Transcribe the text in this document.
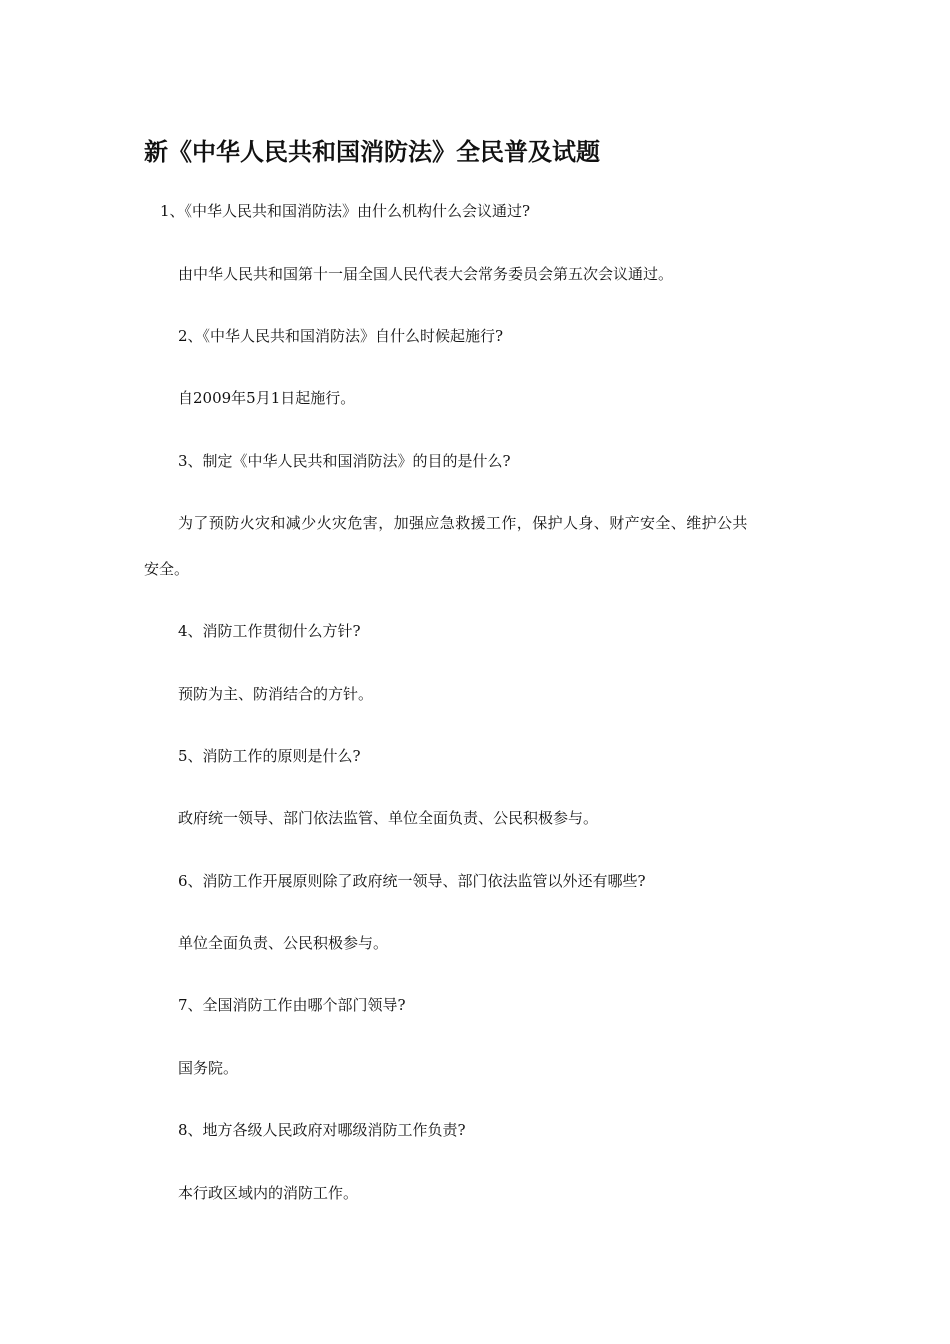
新《中华人民共和国消防法》全民普及试题
1、《中华人民共和国消防法》由什么机构什么会议通过?
由中华人民共和国第十一届全国人民代表大会常务委员会第五次会议通过。
2、《中华人民共和国消防法》自什么时候起施行?
自2009年5月1日起施行。
3、制定《中华人民共和国消防法》的目的是什么?
为了预防火灾和减少火灾危害，加强应急救援工作，保护人身、财产安全、维护公共
安全。
4、消防工作贯彻什么方针?
预防为主、防消结合的方针。
5、消防工作的原则是什么?
政府统一领导、部门依法监管、单位全面负责、公民积极参与。
6、消防工作开展原则除了政府统一领导、部门依法监管以外还有哪些?
单位全面负责、公民积极参与。
7、全国消防工作由哪个部门领导?
国务院。
8、地方各级人民政府对哪级消防工作负责?
本行政区域内的消防工作。
